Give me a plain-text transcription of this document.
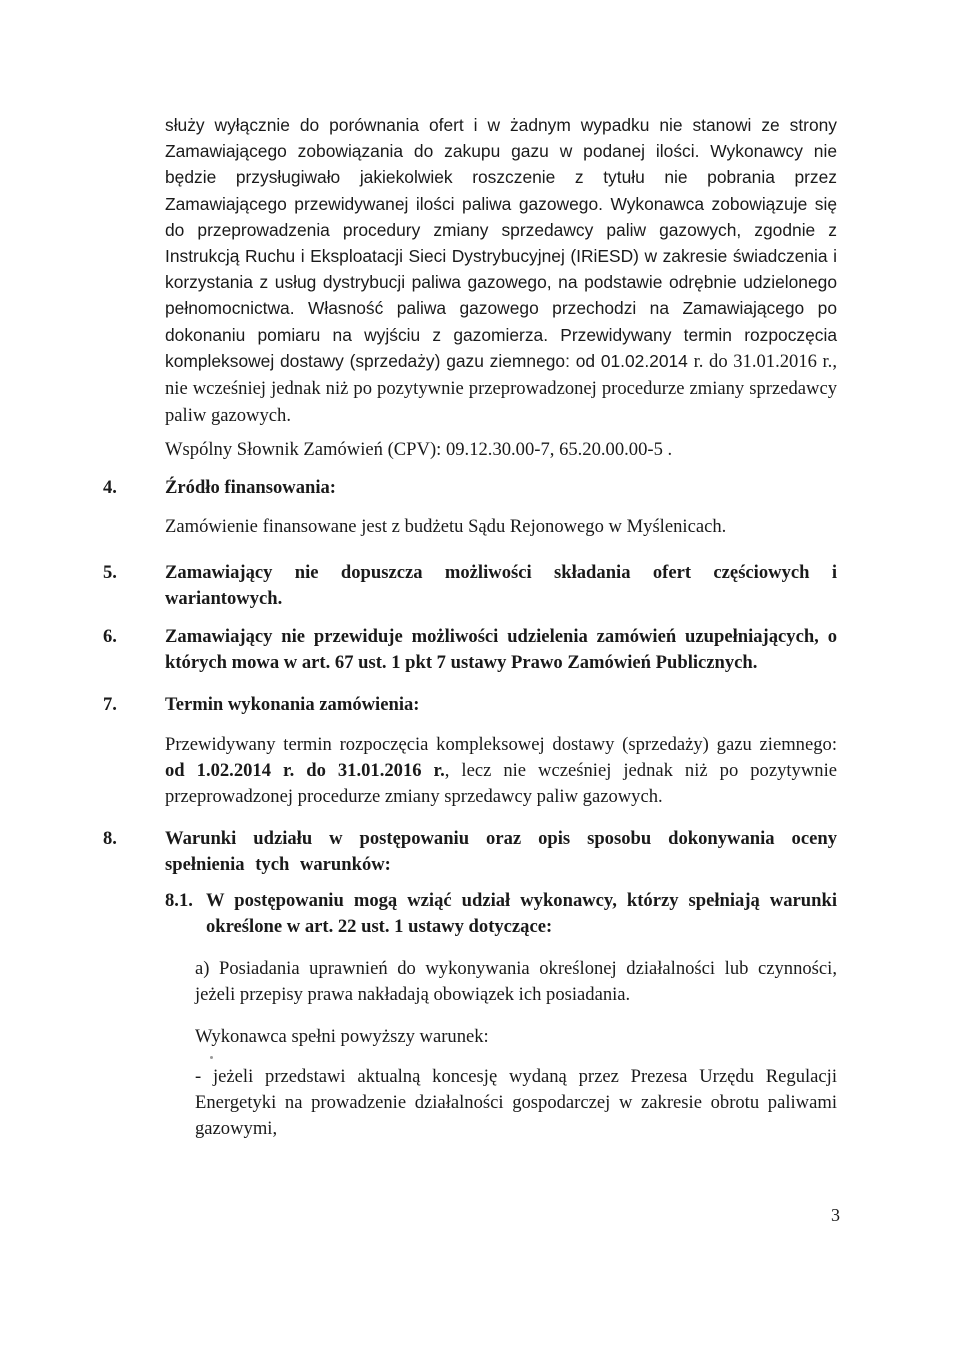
służy wyłącznie do porównania ofert i w żadnym wypadku nie stanowi ze strony Zamawiającego zobowiązania do zakupu gazu w podanej ilości. Wykonawcy nie będzie przysługiwało jakiekolwiek roszczenie z tytułu nie pobrania przez Zamawiającego przewidywanej ilości paliwa gazowego. Wykonawca zobowiązuje się do przeprowadzenia procedury zmiany sprzedawcy paliw gazowych, zgodnie z Instrukcją Ruchu i Eksploatacji Sieci Dystrybucyjnej (IRiESD) w zakresie świadczenia i korzystania z usług dystrybucji paliwa gazowego, na podstawie odrębnie udzielonego pełnomocnictwa. Własność paliwa gazowego przechodzi na Zamawiającego po dokonaniu pomiaru na wyjściu z gazomierza. Przewidywany termin rozpoczęcia kompleksowej dostawy (sprzedaży) gazu ziemnego: od 01.02.2014 r. do 31.01.2016 r., nie wcześniej jednak niż po pozytywnie przeprowadzonej procedurze zmiany sprzedawcy paliw gazowych.
Wspólny Słownik Zamówień (CPV): 09.12.30.00-7, 65.20.00.00-5 .
4.	Źródło finansowania:
Zamówienie finansowane jest z budżetu Sądu Rejonowego w Myślenicach.
5.	Zamawiający nie dopuszcza możliwości składania ofert częściowych i wariantowych.
6.	Zamawiający nie przewiduje możliwości udzielenia zamówień uzupełniających, o których mowa w art. 67 ust. 1 pkt 7 ustawy Prawo Zamówień Publicznych.
7.	Termin wykonania zamówienia:
Przewidywany termin rozpoczęcia kompleksowej dostawy (sprzedaży) gazu ziemnego: od 1.02.2014 r. do 31.01.2016 r., lecz nie wcześniej jednak niż po pozytywnie przeprowadzonej procedurze zmiany sprzedawcy paliw gazowych.
8.	Warunki udziału w postępowaniu oraz opis sposobu dokonywania oceny spełnienia tych warunków:
8.1. W postępowaniu mogą wziąć udział wykonawcy, którzy spełniają warunki określone w art. 22 ust. 1 ustawy dotyczące:
a) Posiadania uprawnień do wykonywania określonej działalności lub czynności, jeżeli przepisy prawa nakładają obowiązek ich posiadania.
Wykonawca spełni powyższy warunek:
- jeżeli przedstawi aktualną koncesję wydaną przez Prezesa Urzędu Regulacji Energetyki na prowadzenie działalności gospodarczej w zakresie obrotu paliwami gazowymi,
3
